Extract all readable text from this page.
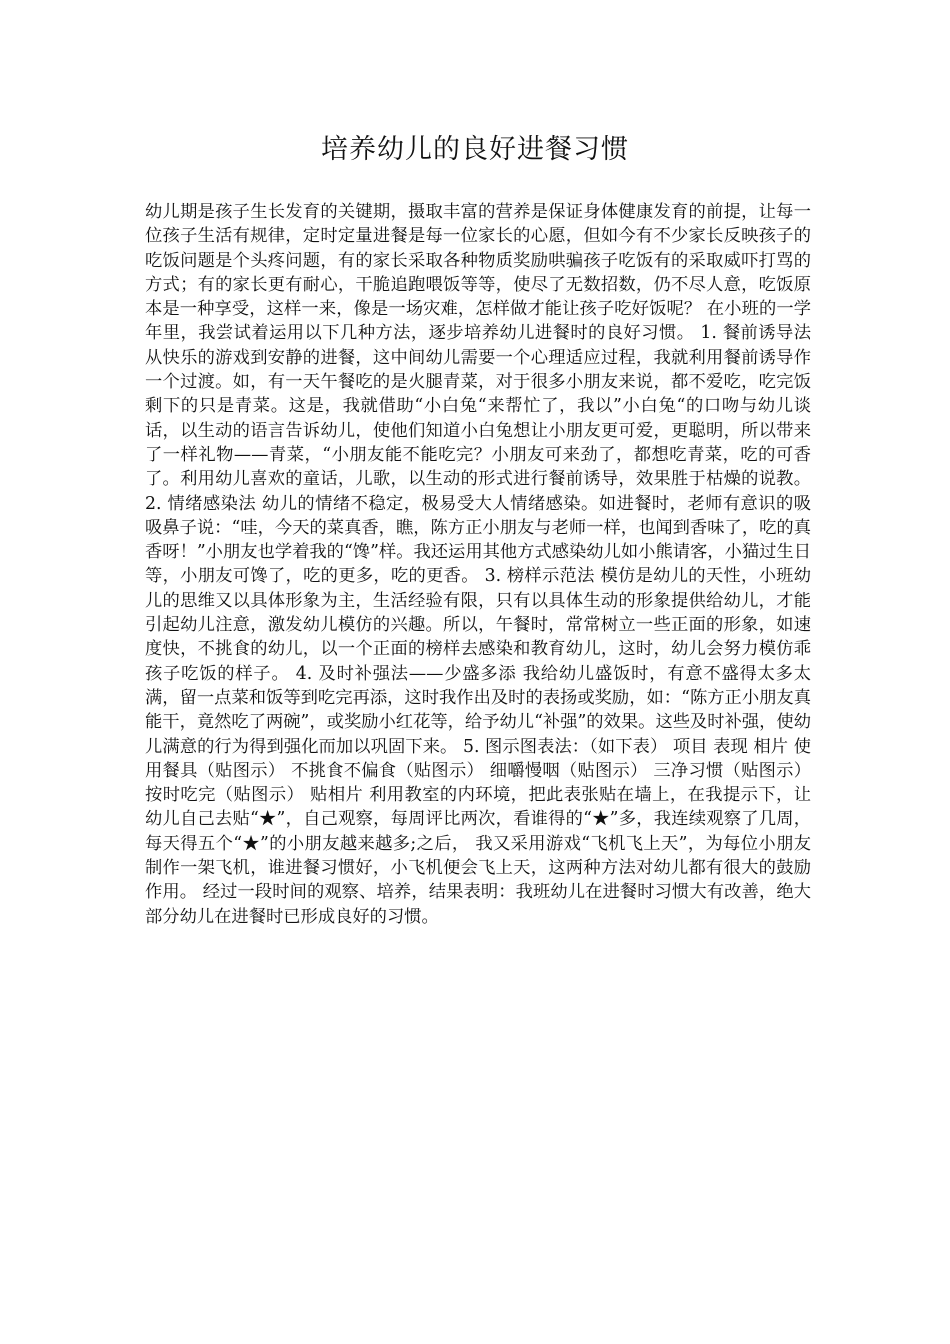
培养幼儿的良好进餐习惯

幼儿期是孩子生长发育的关键期，摄取丰富的营养是保证身体健康发育的前提，让每一位孩子生活有规律，定时定量进餐是每一位家长的心愿，但如今有不少家长反映孩子的吃饭问题是个头疼问题，有的家长采取各种物质奖励哄骗孩子吃饭有的采取威吓打骂的方式；有的家长更有耐心，干脆追跑喂饭等等，使尽了无数招数，仍不尽人意，吃饭原本是一种享受，这样一来，像是一场灾难，怎样做才能让孩子吃好饭呢？ 在小班的一学年里，我尝试着运用以下几种方法，逐步培养幼儿进餐时的良好习惯。 1. 餐前诱导法 从快乐的游戏到安静的进餐，这中间幼儿需要一个心理适应过程，我就利用餐前诱导作一个过渡。如，有一天午餐吃的是火腿青菜，对于很多小朋友来说，都不爱吃，吃完饭剩下的只是青菜。这是，我就借助“小白兔“来帮忙了，我以”小白兔“的口吻与幼儿谈话，以生动的语言告诉幼儿，使他们知道小白兔想让小朋友更可爱，更聪明，所以带来了一样礼物——青菜，“小朋友能不能吃完？小朋友可来劲了，都想吃青菜，吃的可香了。利用幼儿喜欢的童话，儿歌，以生动的形式进行餐前诱导，效果胜于枯燥的说教。 2. 情绪感染法 幼儿的情绪不稳定，极易受大人情绪感染。如进餐时，老师有意识的吸吸鼻子说：“哇，今天的菜真香，瞧，陈方正小朋友与老师一样，也闻到香味了，吃的真香呀！”小朋友也学着我的“馋”样。我还运用其他方式感染幼儿如小熊请客，小猫过生日等，小朋友可馋了，吃的更多，吃的更香。 3. 榜样示范法 模仿是幼儿的天性，小班幼儿的思维又以具体形象为主，生活经验有限，只有以具体生动的形象提供给幼儿，才能引起幼儿注意，激发幼儿模仿的兴趣。所以，午餐时，常常树立一些正面的形象，如速度快，不挑食的幼儿，以一个正面的榜样去感染和教育幼儿，这时，幼儿会努力模仿乖孩子吃饭的样子。 4. 及时补强法——少盛多添 我给幼儿盛饭时，有意不盛得太多太满，留一点菜和饭等到吃完再添，这时我作出及时的表扬或奖励，如：“陈方正小朋友真能干，竟然吃了两碗”，或奖励小红花等，给予幼儿“补强”的效果。这些及时补强，使幼儿满意的行为得到强化而加以巩固下来。 5. 图示图表法：（如下表） 项目 表现 相片 使用餐具（贴图示） 不挑食不偏食（贴图示） 细嚼慢咽（贴图示） 三净习惯（贴图示） 按时吃完（贴图示） 贴相片 利用教室的内环境，把此表张贴在墙上，在我提示下，让幼儿自己去贴“★”，自己观察，每周评比两次，看谁得的“★”多，我连续观察了几周， 每天得五个“★”的小朋友越来越多;之后， 我又采用游戏“飞机飞上天”，为每位小朋友制作一架飞机，谁进餐习惯好，小飞机便会飞上天，这两种方法对幼儿都有很大的鼓励作用。 经过一段时间的观察、培养，结果表明：我班幼儿在进餐时习惯大有改善，绝大部分幼儿在进餐时已形成良好的习惯。
